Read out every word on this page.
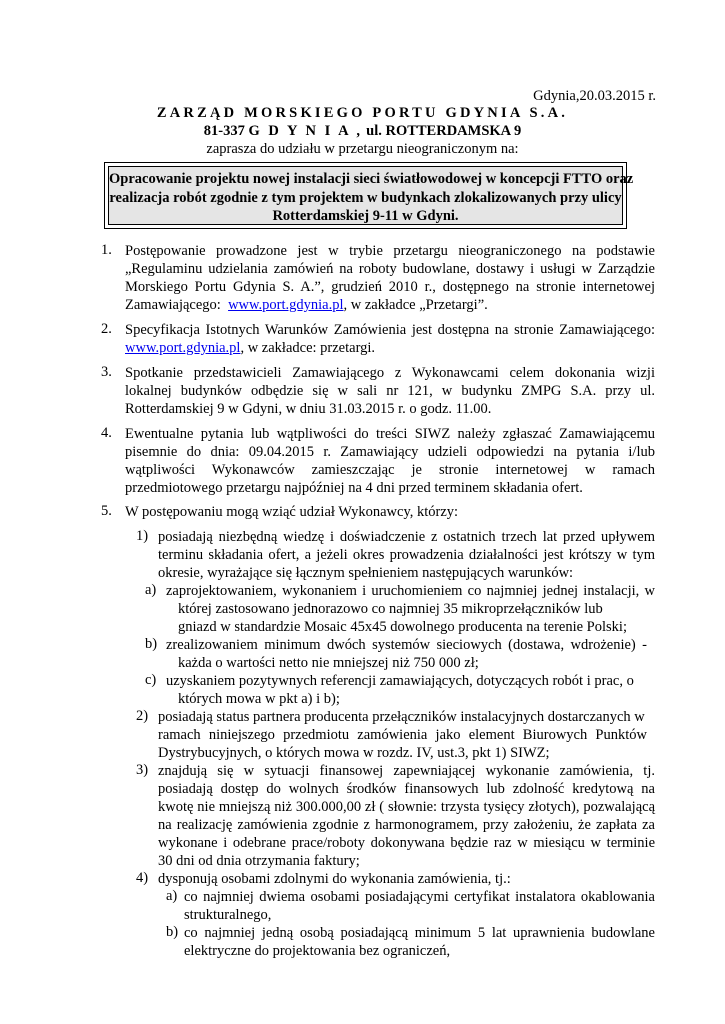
Gdynia,20.03.2015 r.
ZARZĄD MORSKIEGO PORTU GDYNIA S.A.
81-337 G D Y N I A , ul. ROTTERDAMSKA 9
zaprasza do udziału w przetargu nieograniczonym na:
Opracowanie projektu nowej instalacji sieci światłowodowej w koncepcji FTTO oraz
realizacja robót zgodnie z tym projektem w budynkach zlokalizowanych przy ulicy
Rotterdamskiej 9-11 w Gdyni.
1. Postępowanie prowadzone jest w trybie przetargu nieograniczonego na podstawie
„Regulaminu udzielania zamówień na roboty budowlane, dostawy i usługi w Zarządzie
Morskiego Portu Gdynia S. A.”, grudzień 2010 r., dostępnego na stronie internetowej
Zamawiającego: www.port.gdynia.pl, w zakładce „Przetargi”.
2. Specyfikacja Istotnych Warunków Zamówienia jest dostępna na stronie Zamawiającego:
www.port.gdynia.pl, w zakładce: przetargi.
3. Spotkanie przedstawicieli Zamawiającego z Wykonawcami celem dokonania wizji
lokalnej budynków odbędzie się w sali nr 121, w budynku ZMPG S.A. przy ul.
Rotterdamskiej 9 w Gdyni, w dniu 31.03.2015 r. o godz. 11.00.
4. Ewentualne pytania lub wątpliwości do treści SIWZ należy zgłaszać Zamawiającemu
pisemnie do dnia: 09.04.2015 r. Zamawiający udzieli odpowiedzi na pytania i/lub
wątpliwości Wykonawców zamieszczając je stronie internetowej w ramach
przedmiotowego przetargu najpóźniej na 4 dni przed terminem składania ofert.
5. W postępowaniu mogą wziąć udział Wykonawcy, którzy:
1) posiadają niezbędną wiedzę i doświadczenie z ostatnich trzech lat przed upływem
terminu składania ofert, a jeżeli okres prowadzenia działalności jest krótszy w tym
okresie, wyrażające się łącznym spełnieniem następujących warunków:
a) zaprojektowaniem, wykonaniem i uruchomieniem co najmniej jednej instalacji, w
której zastosowano jednorazowo co najmniej 35 mikroprzełączników lub
gniazd w standardzie Mosaic 45x45 dowolnego producenta na terenie Polski;
b) zrealizowaniem minimum dwóch systemów sieciowych (dostawa, wdrożenie) -
każda o wartości netto nie mniejszej niż 750 000 zł;
c) uzyskaniem pozytywnych referencji zamawiających, dotyczących robót i prac, o
których mowa w pkt a) i b);
2) posiadają status partnera producenta przełączników instalacyjnych dostarczanych w
ramach niniejszego przedmiotu zamówienia jako element Biurowych Punktów
Dystrybucyjnych, o których mowa w rozdz. IV, ust.3, pkt 1) SIWZ;
3) znajdują się w sytuacji finansowej zapewniającej wykonanie zamówienia, tj.
posiadają dostęp do wolnych środków finansowych lub zdolność kredytową na
kwotę nie mniejszą niż 300.000,00 zł ( słownie: trzysta tysięcy złotych), pozwalającą
na realizację zamówienia zgodnie z harmonogramem, przy założeniu, że zapłata za
wykonane i odebrane prace/roboty dokonywana będzie raz w miesiącu w terminie
30 dni od dnia otrzymania faktury;
4) dysponują osobami zdolnymi do wykonania zamówienia, tj.:
a) co najmniej dwiema osobami posiadającymi certyfikat instalatora okablowania
strukturalnego,
b) co najmniej jedną osobą posiadającą minimum 5 lat uprawnienia budowlane
elektryczne do projektowania bez ograniczeń,
